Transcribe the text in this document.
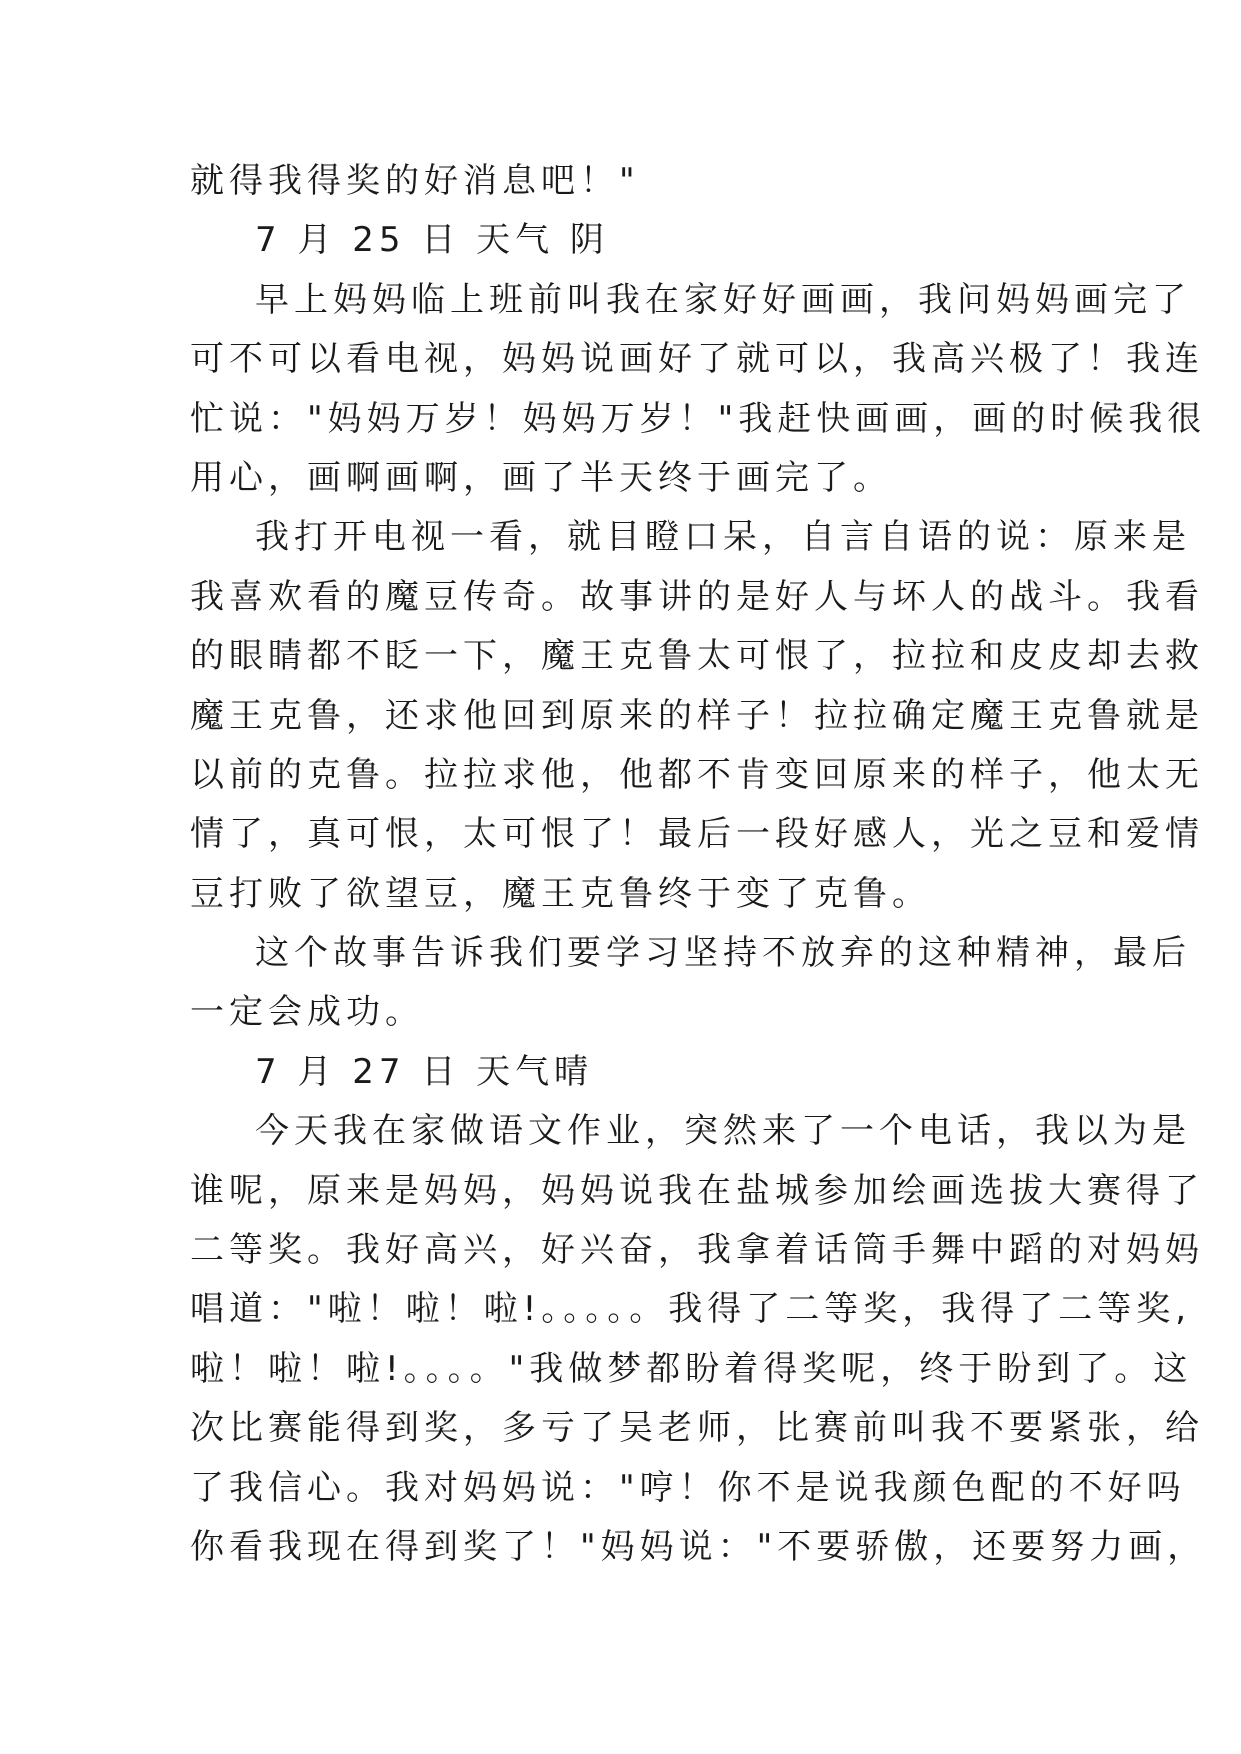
就得我得奖的好消息吧！"
7 月 25 日 天气 阴
早上妈妈临上班前叫我在家好好画画，我问妈妈画完了
可不可以看电视，妈妈说画好了就可以，我高兴极了！我连
忙说："妈妈万岁！妈妈万岁！"我赶快画画，画的时候我很
用心，画啊画啊，画了半天终于画完了。
我打开电视一看，就目瞪口呆，自言自语的说：原来是
我喜欢看的魔豆传奇。故事讲的是好人与坏人的战斗。我看
的眼睛都不眨一下，魔王克鲁太可恨了，拉拉和皮皮却去救
魔王克鲁，还求他回到原来的样子！拉拉确定魔王克鲁就是
以前的克鲁。拉拉求他，他都不肯变回原来的样子，他太无
情了，真可恨，太可恨了！最后一段好感人，光之豆和爱情
豆打败了欲望豆，魔王克鲁终于变了克鲁。
这个故事告诉我们要学习坚持不放弃的这种精神，最后
一定会成功。
7 月 27 日 天气晴
今天我在家做语文作业，突然来了一个电话，我以为是
谁呢，原来是妈妈，妈妈说我在盐城参加绘画选拔大赛得了
二等奖。我好高兴，好兴奋，我拿着话筒手舞中蹈的对妈妈
唱道："啦！啦！啦!。。。。。我得了二等奖，我得了二等奖,
啦！啦！啦!。。。。"我做梦都盼着得奖呢，终于盼到了。这
次比赛能得到奖，多亏了吴老师，比赛前叫我不要紧张，给
了我信心。我对妈妈说："哼！你不是说我颜色配的不好吗
你看我现在得到奖了！"妈妈说："不要骄傲，还要努力画，
